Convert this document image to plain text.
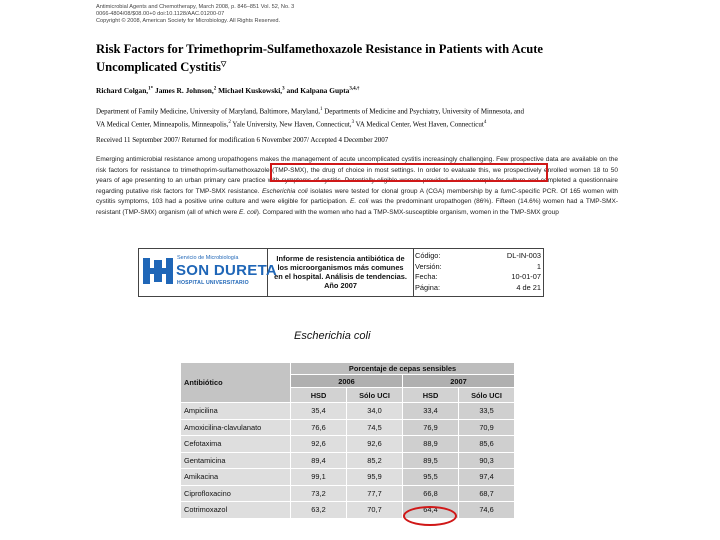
Antimicrobial Agents and Chemotherapy, March 2008, p. 846–851 Vol. 52, No. 3
0066-4804/08/$08.00+0 doi:10.1128/AAC.01200-07
Copyright © 2008, American Society for Microbiology. All Rights Reserved.
Risk Factors for Trimethoprim-Sulfamethoxazole Resistance in Patients with Acute
Uncomplicated Cystitis▽
Richard Colgan,$^{1*}$ James R. Johnson,$^2$ Michael Kuskowski,$^3$ and Kalpana Gupta$^{3,4,\dagger}$
Department of Family Medicine, University of Maryland, Baltimore, Maryland,$^1$ Departments of Medicine and Psychiatry, University of Minnesota, and
VA Medical Center, Minneapolis, Minneapolis,$^2$ Yale University, New Haven, Connecticut,$^3$ VA Medical Center, West Haven, Connecticut$^4$
Received 11 September 2007/ Returned for modification 6 November 2007/ Accepted 4 December 2007
Emerging antimicrobial resistance among uropathogens makes the management of acute uncomplicated cystitis increasingly challenging. Few prospective data are available on the risk factors for resistance to trimethoprim-sulfamethoxazole (TMP-SMX), the drug of choice in most settings. In order to evaluate this, we prospectively enrolled women 18 to 50 years of age presenting to an urban primary care practice with symptoms of cystitis. Potentially eligible women provided a urine sample for culture and completed a questionnaire regarding putative risk factors for TMP-SMX resistance. Escherichia coli isolates were tested for clonal group A (CGA) membership by a fumC-specific PCR. Of 165 women with cystitis symptoms, 103 had a positive urine culture and were eligible for participation. E. coli was the predominant uropathogen (86%). Fifteen (14.6%) women had a TMP-SMX-resistant (TMP-SMX) organism (all of which were E. coli). Compared with the women who had a TMP-SMX-susceptible organism, women in the TMP-SMX group
Servicio de Microbiología
SON DURETA
HOSPITAL UNIVERSITARIO
Informe de resistencia antibiótica de
los microorganismos más comunes
en el hospital. Análisis de tendencias.
Año 2007
Código:	DL-IN-003
Versión:	1
Fecha:	10-01-07
Página:	4 de 21
Escherichia coli
Antibiótico	Porcentaje de cepas sensibles			
	2006		2007	
	HSD	Sólo UCI	HSD	Sólo UCI
Ampicilina	35,4	34,0	33,4	33,5
Amoxicilina-clavulanato	76,6	74,5	76,9	70,9
Cefotaxima	92,6	92,6	88,9	85,6
Gentamicina	89,4	85,2	89,5	90,3
Amikacina	99,1	95,9	95,5	97,4
Ciprofloxacino	73,2	77,7	66,8	68,7
Cotrimoxazol	63,2	70,7	64,4	74,6
